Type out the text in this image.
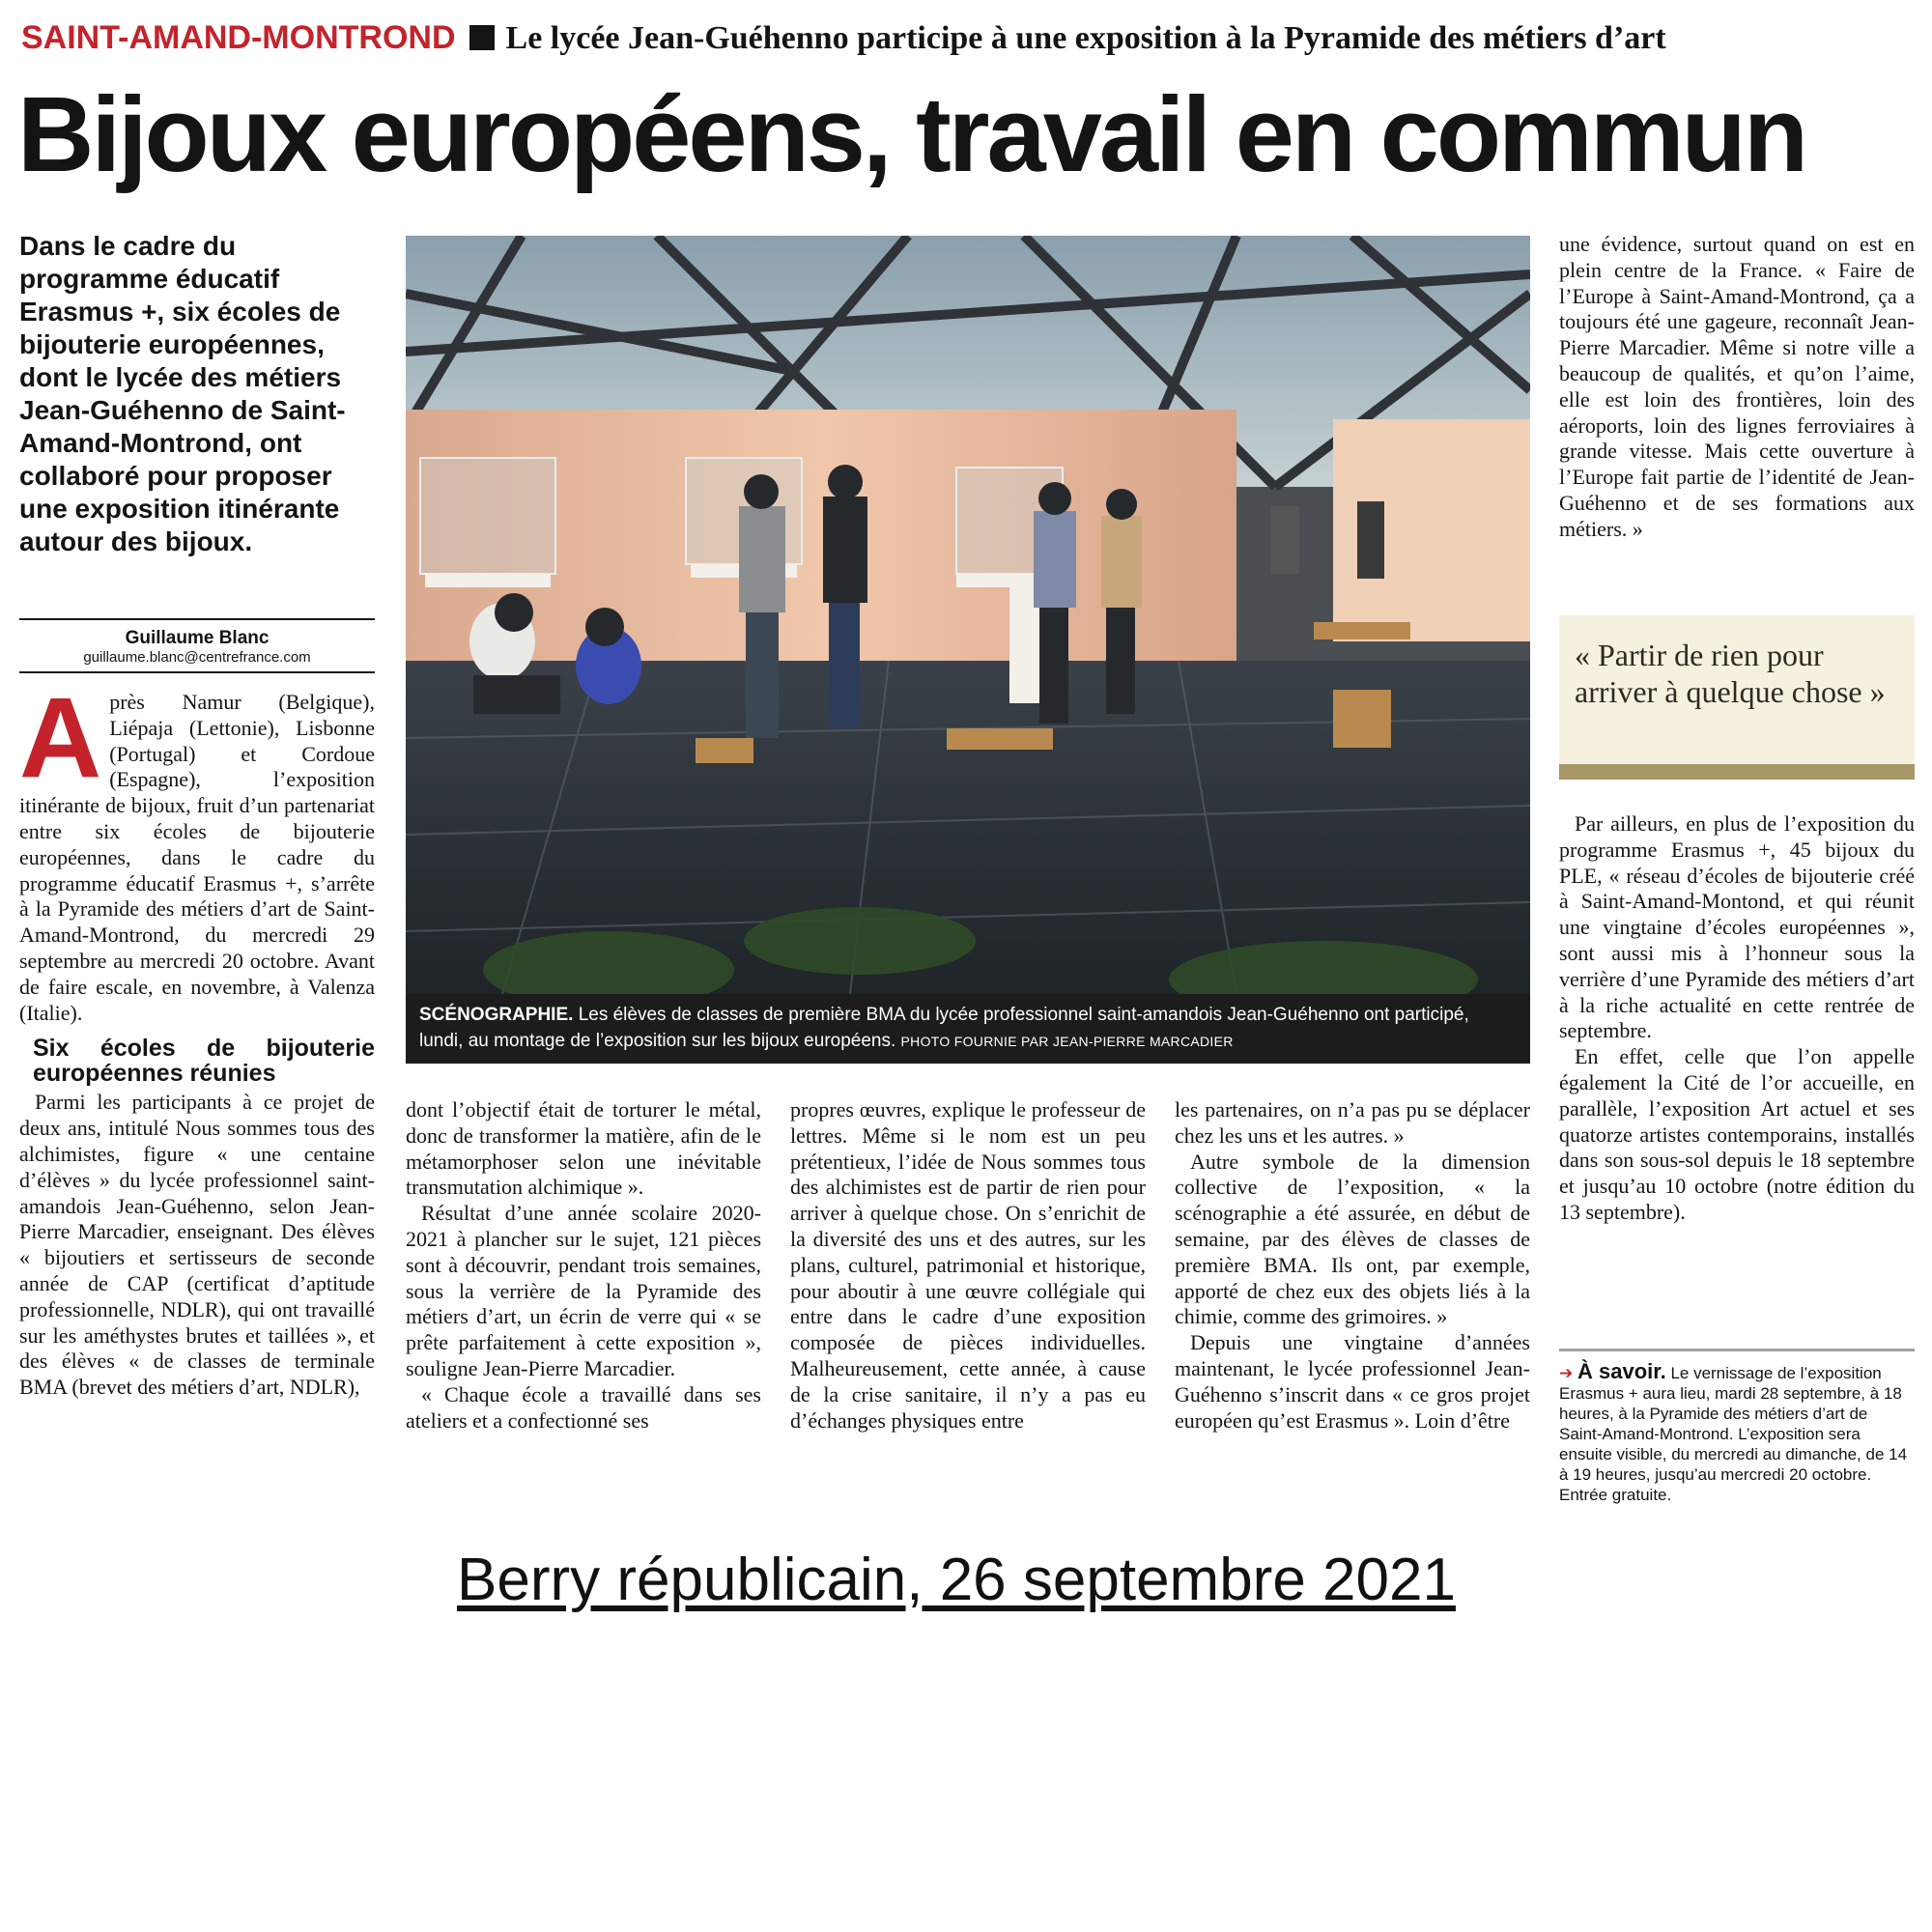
SAINT-AMAND-MONTROND Le lycée Jean-Guéhenno participe à une exposition à la Pyramide des métiers d’art
Bijoux européens, travail en commun
Dans le cadre du programme éducatif Erasmus +, six écoles de bijouterie européennes, dont le lycée des métiers Jean-Guéhenno de Saint-Amand-Montrond, ont collaboré pour proposer une exposition itinérante autour des bijoux.
Guillaume Blanc
guillaume.blanc@centrefrance.com
A près Namur (Belgique), Liépaja (Lettonie), Lisbonne (Portugal) et Cordoue (Espagne), l’exposition itinérante de bijoux, fruit d’un partenariat entre six écoles de bijouterie européennes, dans le cadre du programme éducatif Erasmus +, s’arrête à la Pyramide des métiers d’art de Saint-Amand-Montrond, du mercredi 29 septembre au mercredi 20 octobre. Avant de faire escale, en novembre, à Valenza (Italie).

Six écoles de bijouterie européennes réunies

Parmi les participants à ce projet de deux ans, intitulé Nous sommes tous des alchimistes, figure « une centaine d’élèves » du lycée professionnel saint-amandois Jean-Guéhenno, selon Jean-Pierre Marcadier, enseignant. Des élèves « bijoutiers et sertisseurs de seconde année de CAP (certificat d’aptitude professionnelle, NDLR), qui ont travaillé sur les améthystes brutes et taillées », et des élèves « de classes de terminale BMA (brevet des métiers d’art, NDLR),

SCÉNOGRAPHIE. Les élèves de classes de première BMA du lycée professionnel saint-amandois Jean-Guéhenno ont participé, lundi, au montage de l’exposition sur les bijoux européens. PHOTO FOURNIE PAR JEAN-PIERRE MARCADIER

dont l’objectif était de torturer le métal, donc de transformer la matière, afin de le métamorphoser selon une inévitable transmutation alchimique ».

Résultat d’une année scolaire 2020-2021 à plancher sur le sujet, 121 pièces sont à découvrir, pendant trois semaines, sous la verrière de la Pyramide des métiers d’art, un écrin de verre qui « se prête parfaitement à cette exposition », souligne Jean-Pierre Marcadier.

« Chaque école a travaillé dans ses ateliers et a confectionné ses

propres œuvres, explique le professeur de lettres. Même si le nom est un peu prétentieux, l’idée de Nous sommes tous des alchimistes est de partir de rien pour arriver à quelque chose. On s’enrichit de la diversité des uns et des autres, sur les plans, culturel, patrimonial et historique, pour aboutir à une œuvre collégiale qui entre dans le cadre d’une exposition composée de pièces individuelles. Malheureusement, cette année, à cause de la crise sanitaire, il n’y a pas eu d’échanges physiques entre

les partenaires, on n’a pas pu se déplacer chez les uns et les autres. »

Autre symbole de la dimension collective de l’exposition, « la scénographie a été assurée, en début de semaine, par des élèves de classes de première BMA. Ils ont, par exemple, apporté de chez eux des objets liés à la chimie, comme des grimoires. »

Depuis une vingtaine d’années maintenant, le lycée professionnel Jean-Guéhenno s’inscrit dans « ce gros projet européen qu’est Erasmus ». Loin d’être

une évidence, surtout quand on est en plein centre de la France. « Faire de l’Europe à Saint-Amand-Montrond, ça a toujours été une gageure, reconnaît Jean-Pierre Marcadier. Même si notre ville a beaucoup de qualités, et qu’on l’aime, elle est loin des frontières, loin des aéroports, loin des lignes ferroviaires à grande vitesse. Mais cette ouverture à l’Europe fait partie de l’identité de Jean-Guéhenno et de ses formations aux métiers. »

« Partir de rien pour arriver à quelque chose »

Par ailleurs, en plus de l’exposition du programme Erasmus +, 45 bijoux du PLE, « réseau d’écoles de bijouterie créé à Saint-Amand-Montond, et qui réunit une vingtaine d’écoles européennes », sont aussi mis à l’honneur sous la verrière d’une Pyramide des métiers d’art à la riche actualité en cette rentrée de septembre.

En effet, celle que l’on appelle également la Cité de l’or accueille, en parallèle, l’exposition Art actuel et ses quatorze artistes contemporains, installés dans son sous-sol depuis le 18 septembre et jusqu’au 10 octobre (notre édition du 13 septembre).

➔ À savoir. Le vernissage de l’exposition Erasmus + aura lieu, mardi 28 septembre, à 18 heures, à la Pyramide des métiers d’art de Saint-Amand-Montrond. L’exposition sera ensuite visible, du mercredi au dimanche, de 14 à 19 heures, jusqu’au mercredi 20 octobre. Entrée gratuite.
Berry républicain, 26 septembre 2021
